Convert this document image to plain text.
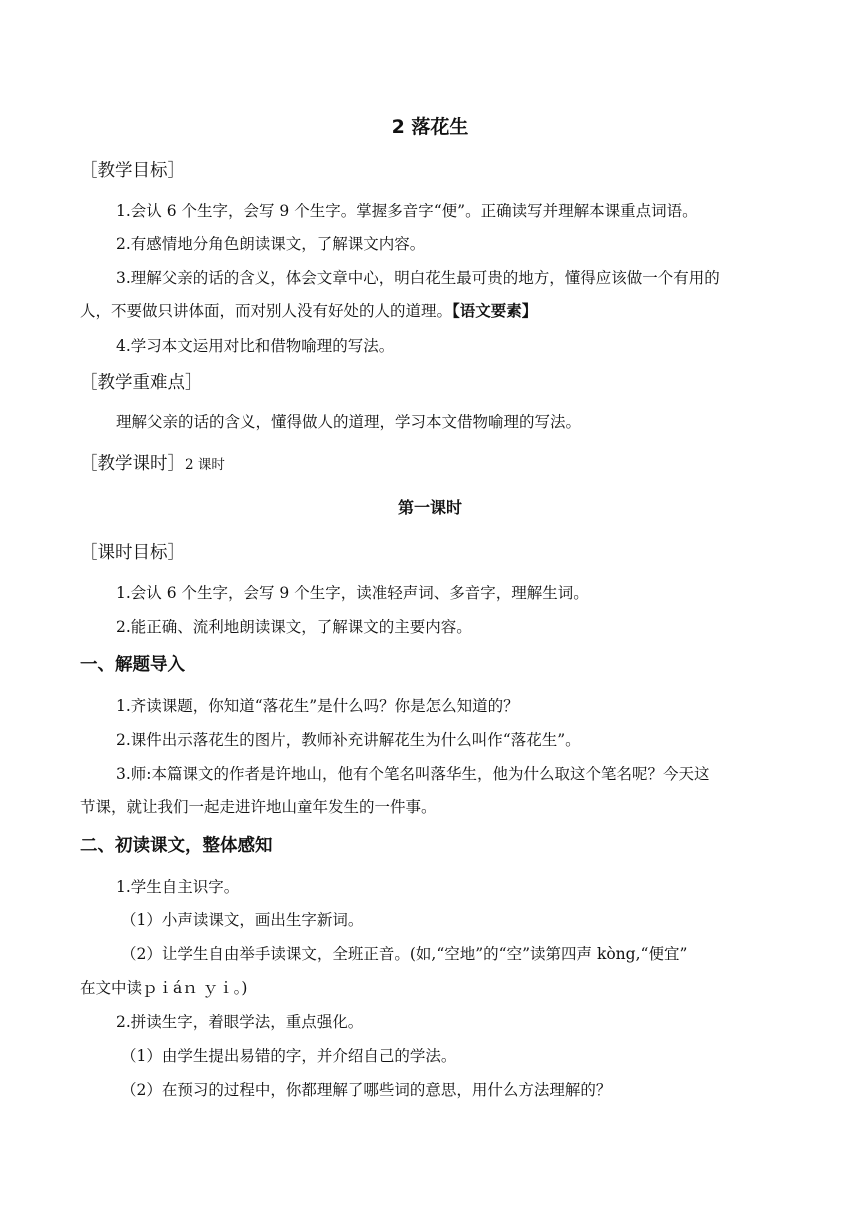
2 落花生
［教学目标］
1.会认 6 个生字，会写 9 个生字。掌握多音字“便”。正确读写并理解本课重点词语。
2.有感情地分角色朗读课文，了解课文内容。
3.理解父亲的话的含义，体会文章中心，明白花生最可贵的地方，懂得应该做一个有用的
人，不要做只讲体面，而对别人没有好处的人的道理。【语文要素】
4.学习本文运用对比和借物喻理的写法。
［教学重难点］
理解父亲的话的含义，懂得做人的道理，学习本文借物喻理的写法。
［教学课时］2 课时
第一课时
［课时目标］
1.会认 6 个生字，会写 9 个生字，读准轻声词、多音字，理解生词。
2.能正确、流利地朗读课文，了解课文的主要内容。
一、解题导入
1.齐读课题，你知道“落花生”是什么吗？你是怎么知道的？
2.课件出示落花生的图片，教师补充讲解花生为什么叫作“落花生”。
3.师:本篇课文的作者是许地山，他有个笔名叫落华生，他为什么取这个笔名呢？今天这
节课，就让我们一起走进许地山童年发生的一件事。
二、初读课文，整体感知
1.学生自主识字。
（1）小声读课文，画出生字新词。
（2）让学生自由举手读课文，全班正音。(如,“空地”的“空”读第四声 kòng,“便宜”
在文中读ｐｉáｎ ｙｉ。)
2.拼读生字，着眼学法，重点强化。
（1）由学生提出易错的字，并介绍自己的学法。
（2）在预习的过程中，你都理解了哪些词的意思，用什么方法理解的？
